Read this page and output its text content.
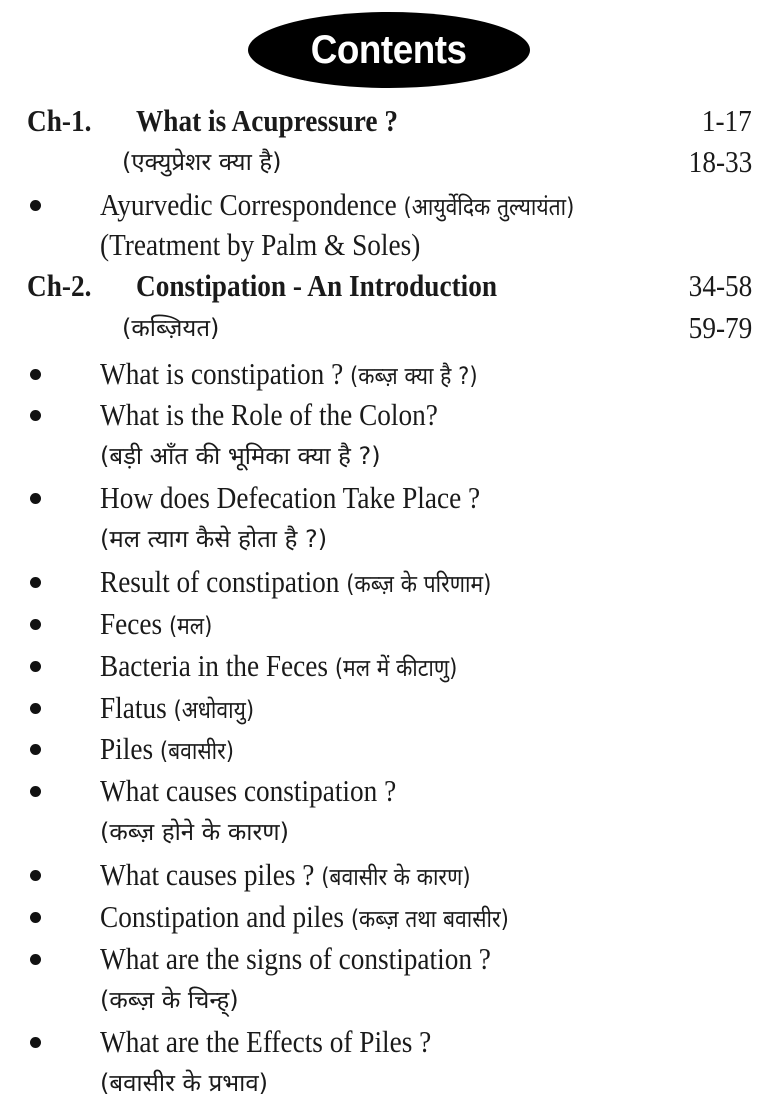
Contents
Ch-1. What is Acupressure ?	1-17
(एक्युप्रेशर क्या है)	18-33
Ayurvedic Correspondence (आयुर्वेदिक तुल्यायंता)
(Treatment by Palm & Soles)
Ch-2. Constipation - An Introduction	34-58
(कब्ज़ियत)	59-79
What is constipation ? (कब्ज़ क्या है ?)
What is the Role of the Colon?
(बड़ी आँत की भूमिका क्या है ?)
How does Defecation Take Place ?
(मल त्याग कैसे होता है ?)
Result of constipation (कब्ज़ के परिणाम)
Feces (मल)
Bacteria in the Feces (मल में कीटाणु)
Flatus (अधोवायु)
Piles (बवासीर)
What causes constipation ?
(कब्ज़ होने के कारण)
What causes piles ? (बवासीर के कारण)
Constipation and piles (कब्ज़ तथा बवासीर)
What are the signs of constipation ?
(कब्ज़ के चिन्ह्)
What are the Effects of Piles ?
(बवासीर के प्रभाव)
